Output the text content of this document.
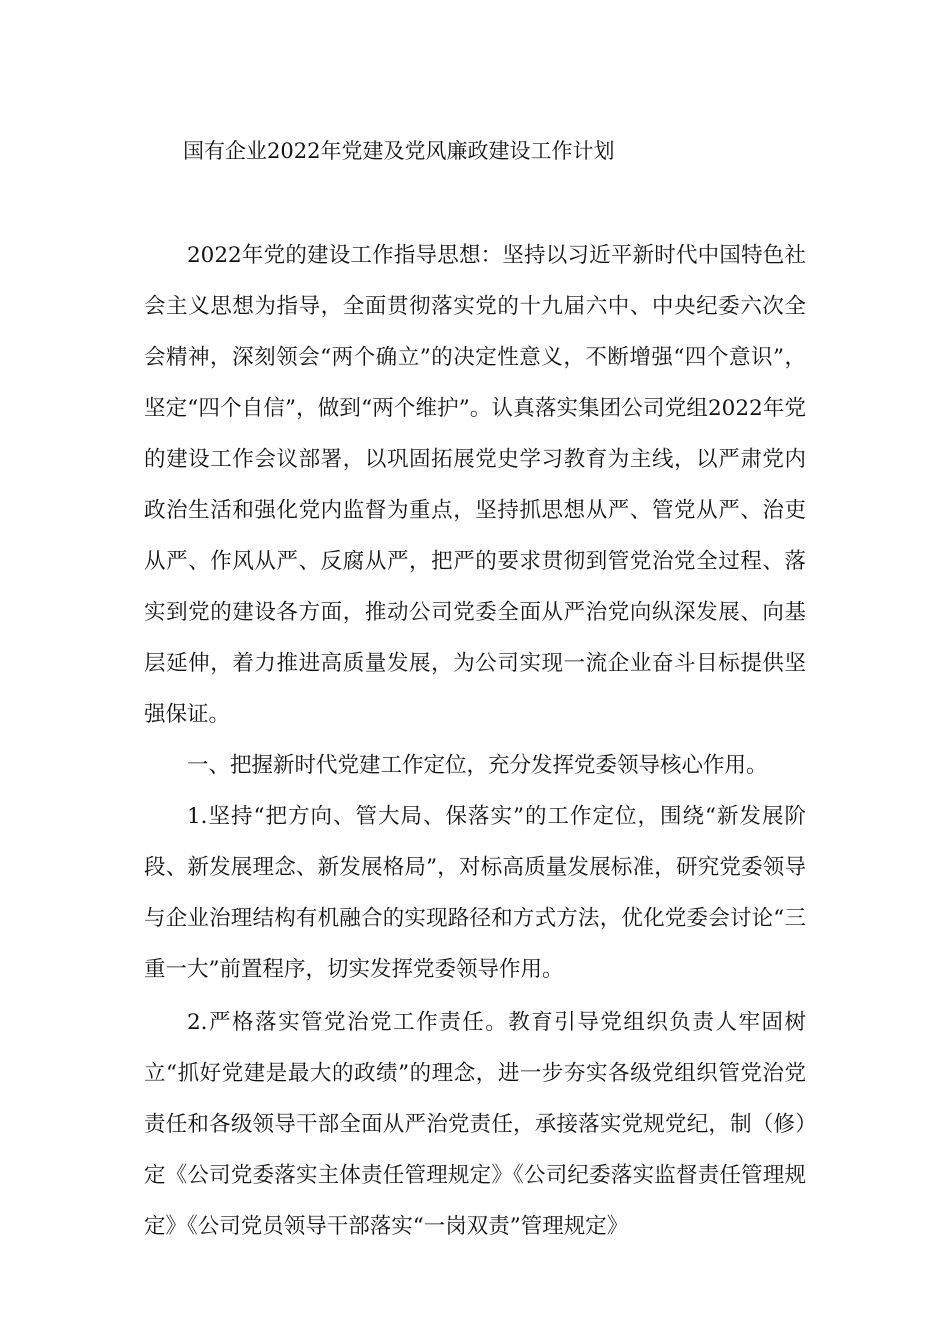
国有企业2022年党建及党风廉政建设工作计划

2022年党的建设工作指导思想：坚持以习近平新时代中国特色社会主义思想为指导，全面贯彻落实党的十九届六中、中央纪委六次全会精神，深刻领会“两个确立”的决定性意义，不断增强“四个意识”，坚定“四个自信”，做到“两个维护”。认真落实集团公司党组2022年党的建设工作会议部署，以巩固拓展党史学习教育为主线，以严肃党内政治生活和强化党内监督为重点，坚持抓思想从严、管党从严、治吏从严、作风从严、反腐从严，把严的要求贯彻到管党治党全过程、落实到党的建设各方面，推动公司党委全面从严治党向纵深发展、向基层延伸，着力推进高质量发展，为公司实现一流企业奋斗目标提供坚强保证。

一、把握新时代党建工作定位，充分发挥党委领导核心作用。

1.坚持“把方向、管大局、保落实”的工作定位，围绕“新发展阶段、新发展理念、新发展格局”，对标高质量发展标准，研究党委领导与企业治理结构有机融合的实现路径和方式方法，优化党委会讨论“三重一大”前置程序，切实发挥党委领导作用。

2.严格落实管党治党工作责任。教育引导党组织负责人牢固树立“抓好党建是最大的政绩”的理念，进一步夯实各级党组织管党治党责任和各级领导干部全面从严治党责任，承接落实党规党纪，制（修）定《公司党委落实主体责任管理规定》《公司纪委落实监督责任管理规定》《公司党员领导干部落实“一岗双责”管理规定》
